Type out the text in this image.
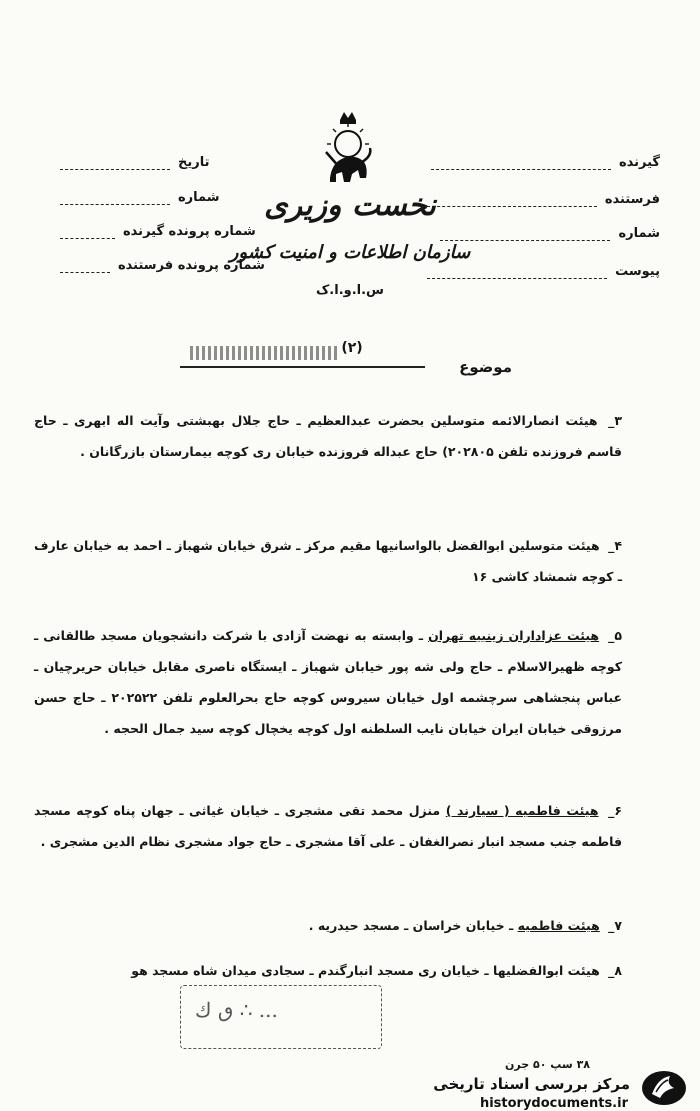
گیرنده
فرستنده
شماره
پیوست
تاریخ
شماره
شماره پرونده گیرنده
شماره پرونده فرستنده
نخست وزیری
سازمان اطلاعات و امنیت کشور
س.ا.و.ا.ک
(۲)
موضوع
۳_ هیئت انصارالائمه متوسلین بحضرت عبدالعظیم ـ حاج جلال بهبشتی وآیت اله ابهری ـ حاج قاسم فروزنده تلفن ۲۰۲۸۰۵) حاج عبداله فروزنده خیابان ری کوچه بیمارستان بازرگانان .
۴_ هیئت متوسلین ابوالفضل بالواسانیها مقیم مرکز ـ شرق خیابان شهباز ـ احمد به خیابان عارف ـ کوچه شمشاد کاشی ۱۶
۵_ هیئت عزاداران زینبیه تهران ـ وابسته به نهضت آزادی با شرکت دانشجویان مسجد طالقانی ـ کوچه ظهیرالاسلام ـ حاج ولی شه پور خیابان شهباز ـ ایستگاه ناصری مقابل خیابان حریرچیان ـ عباس پنجشاهی سرچشمه اول خیابان سیروس کوچه حاج بحرالعلوم تلفن ۲۰۲۵۲۲ ـ حاج حسن مرزوقی خیابان ایران خیابان نایب السلطنه اول کوچه یخچال کوچه سید جمال الحجه .
۶_ هیئت فاطمیه ( سیارند ) منزل محمد تقی مشجری ـ خیابان غیاثی ـ جهان پناه کوچه مسجد فاطمه جنب مسجد انبار نصرالغفان ـ علی آقا مشجری ـ حاج جواد مشجری نظام الدین مشجری .
۷_ هیئت فاطمیه ـ خیابان خراسان ـ مسجد حیدریه .
۸_ هیئت ابوالفضلیها ـ خیابان ری مسجد انبارگندم ـ سجادی میدان شاه مسجد هو
ٯ ك ∴ ...
۳۸ سپ ۵۰ جرن
مرکز بررسی اسناد تاریخی
historydocuments.ir
